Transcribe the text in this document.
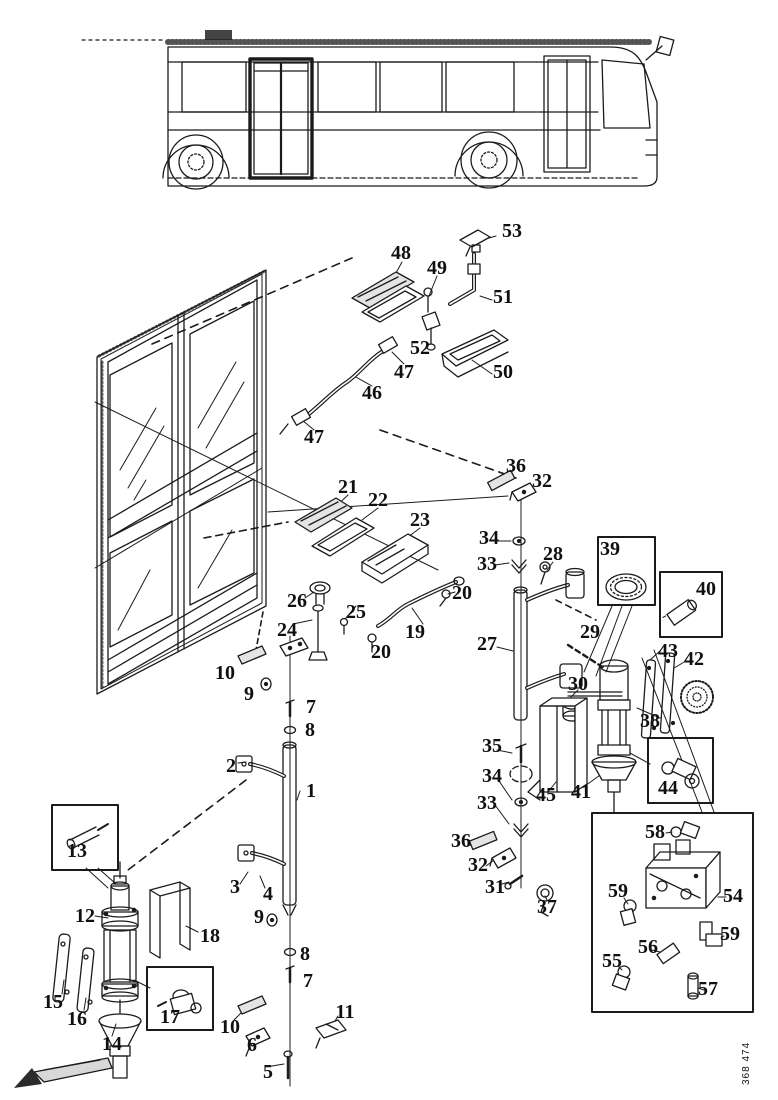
53
48
49
51
52
47	50
46
47
36
32
21
22
23
34	39
28
33
40
20
26 25
24	19	29
27	43
20	42
10	30
9
7
38
8
35
2	34
44
1	41
45
33
58
36
13
32
31
3	59
4	54
37
12	9
59
18	56
8	55
7	57
15	11
17
16	10
14	6
5	368 474
